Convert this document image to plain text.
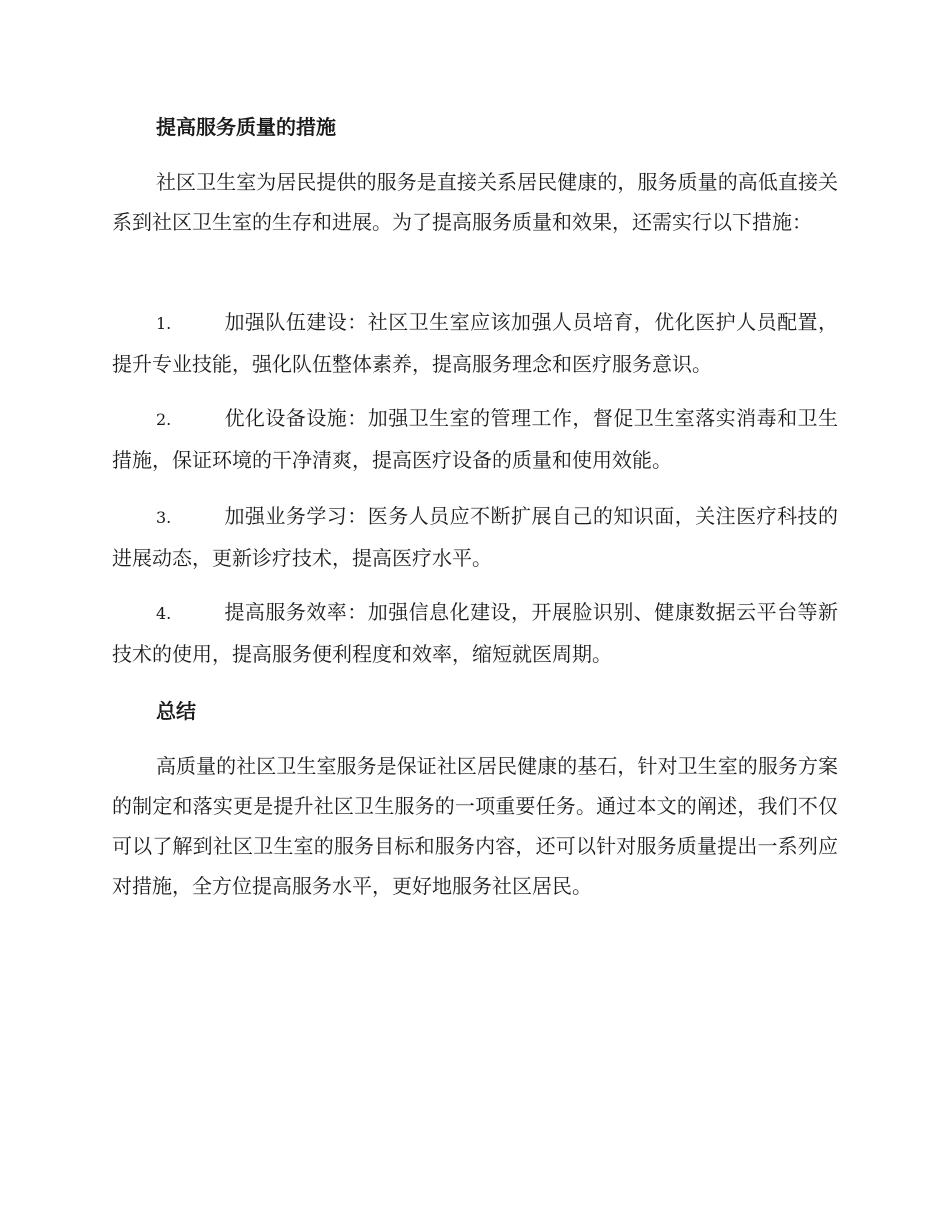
提高服务质量的措施

社区卫生室为居民提供的服务是直接关系居民健康的，服务质量的高低直接关系到社区卫生室的生存和进展。为了提高服务质量和效果，还需实行以下措施：

1.	加强队伍建设：社区卫生室应该加强人员培育，优化医护人员配置，提升专业技能，强化队伍整体素养，提高服务理念和医疗服务意识。

2.	优化设备设施：加强卫生室的管理工作，督促卫生室落实消毒和卫生措施，保证环境的干净清爽，提高医疗设备的质量和使用效能。

3.	加强业务学习：医务人员应不断扩展自己的知识面，关注医疗科技的进展动态，更新诊疗技术，提高医疗水平。

4.	提高服务效率：加强信息化建设，开展脸识别、健康数据云平台等新技术的使用，提高服务便利程度和效率，缩短就医周期。

总结

高质量的社区卫生室服务是保证社区居民健康的基石，针对卫生室的服务方案的制定和落实更是提升社区卫生服务的一项重要任务。通过本文的阐述，我们不仅可以了解到社区卫生室的服务目标和服务内容，还可以针对服务质量提出一系列应对措施，全方位提高服务水平，更好地服务社区居民。
